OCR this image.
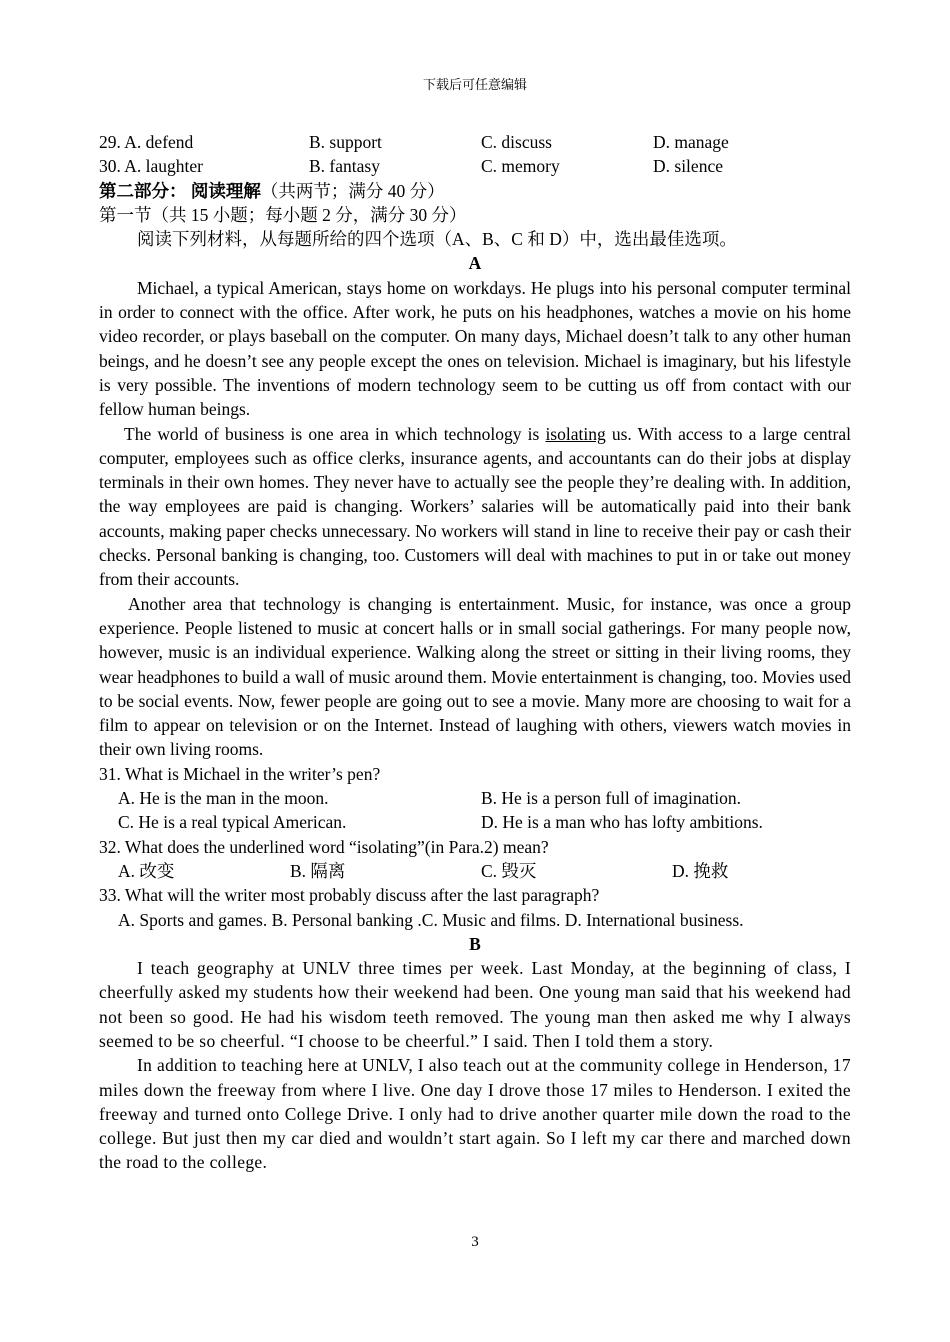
下载后可任意编辑
29. A. defend	B. support	C. discuss	D. manage
30. A. laughter	B. fantasy	C. memory	D. silence
第二部分： 阅读理解（共两节；满分 40 分）
第一节（共 15 小题；每小题 2 分，满分 30 分）
阅读下列材料，从每题所给的四个选项（A、B、C 和 D）中，选出最佳选项。
A

Michael, a typical American, stays home on workdays. He plugs into his personal computer terminal in order to connect with the office. After work, he puts on his headphones, watches a movie on his home video recorder, or plays baseball on the computer. On many days, Michael doesn’t talk to any other human beings, and he doesn’t see any people except the ones on television. Michael is imaginary, but his lifestyle is very possible. The inventions of modern technology seem to be cutting us off from contact with our fellow human beings.

The world of business is one area in which technology is isolating us. With access to a large central computer, employees such as office clerks, insurance agents, and accountants can do their jobs at display terminals in their own homes. They never have to actually see the people they’re dealing with. In addition, the way employees are paid is changing. Workers’ salaries will be automatically paid into their bank accounts, making paper checks unnecessary. No workers will stand in line to receive their pay or cash their checks. Personal banking is changing, too. Customers will deal with machines to put in or take out money from their accounts.

Another area that technology is changing is entertainment. Music, for instance, was once a group experience. People listened to music at concert halls or in small social gatherings. For many people now, however, music is an individual experience. Walking along the street or sitting in their living rooms, they wear headphones to build a wall of music around them. Movie entertainment is changing, too. Movies used to be social events. Now, fewer people are going out to see a movie. Many more are choosing to wait for a film to appear on television or on the Internet. Instead of laughing with others, viewers watch movies in their own living rooms.

31. What is Michael in the writer’s pen?
A. He is the man in the moon.	B. He is a person full of imagination.
C. He is a real typical American.	D. He is a man who has lofty ambitions.
32. What does the underlined word “isolating”(in Para.2) mean?
A. 改变	B. 隔离	C. 毁灭	D. 挽救
33. What will the writer most probably discuss after the last paragraph?
A. Sports and games. B. Personal banking .C. Music and films. D. International business.
B

I teach geography at UNLV three times per week. Last Monday, at the beginning of class, I cheerfully asked my students how their weekend had been. One young man said that his weekend had not been so good. He had his wisdom teeth removed. The young man then asked me why I always seemed to be so cheerful. “I choose to be cheerful.” I said. Then I told them a story.

In addition to teaching here at UNLV, I also teach out at the community college in Henderson, 17 miles down the freeway from where I live. One day I drove those 17 miles to Henderson. I exited the freeway and turned onto College Drive. I only had to drive another quarter mile down the road to the college. But just then my car died and wouldn’t start again. So I left my car there and marched down the road to the college.

3
